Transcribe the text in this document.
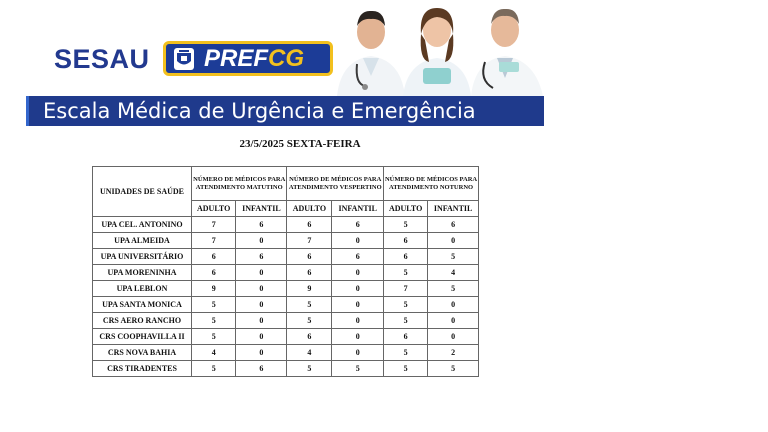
SESAU PREFCG
Escala Médica de Urgência e Emergência
23/5/2025 SEXTA-FEIRA
UNIDADES DE SAÚDE	NÚMERO DE MÉDICOS PARA ATENDIMENTO MATUTINO		NÚMERO DE MÉDICOS PARA ATENDIMENTO VESPERTINO		NÚMERO DE MÉDICOS PARA ATENDIMENTO NOTURNO	
	ADULTO	INFANTIL	ADULTO	INFANTIL	ADULTO	INFANTIL
UPA CEL. ANTONINO	7	6	6	6	5	6
UPA ALMEIDA	7	0	7	0	6	0
UPA UNIVERSITÁRIO	6	6	6	6	6	5
UPA MORENINHA	6	0	6	0	5	4
UPA LEBLON	9	0	9	0	7	5
UPA SANTA MONICA	5	0	5	0	5	0
CRS AERO RANCHO	5	0	5	0	5	0
CRS COOPHAVILLA II	5	0	6	0	6	0
CRS NOVA BAHIA	4	0	4	0	5	2
CRS TIRADENTES	5	6	5	5	5	5
